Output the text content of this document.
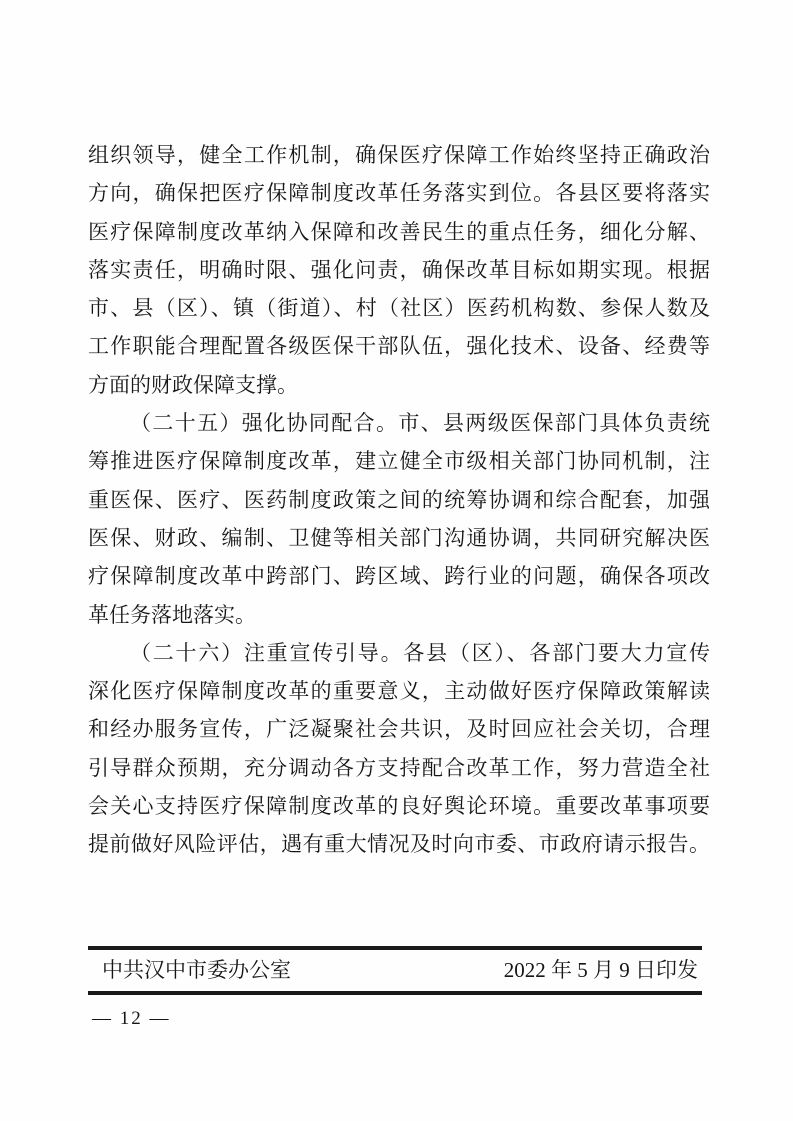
组织领导，健全工作机制，确保医疗保障工作始终坚持正确政治
方向，确保把医疗保障制度改革任务落实到位。各县区要将落实
医疗保障制度改革纳入保障和改善民生的重点任务，细化分解、
落实责任，明确时限、强化问责，确保改革目标如期实现。根据
市、县（区）、镇（街道）、村（社区）医药机构数、参保人数及
工作职能合理配置各级医保干部队伍，强化技术、设备、经费等
方面的财政保障支撑。
（二十五）强化协同配合。市、县两级医保部门具体负责统
筹推进医疗保障制度改革，建立健全市级相关部门协同机制，注
重医保、医疗、医药制度政策之间的统筹协调和综合配套，加强
医保、财政、编制、卫健等相关部门沟通协调，共同研究解决医
疗保障制度改革中跨部门、跨区域、跨行业的问题，确保各项改
革任务落地落实。
（二十六）注重宣传引导。各县（区）、各部门要大力宣传
深化医疗保障制度改革的重要意义，主动做好医疗保障政策解读
和经办服务宣传，广泛凝聚社会共识，及时回应社会关切，合理
引导群众预期，充分调动各方支持配合改革工作，努力营造全社
会关心支持医疗保障制度改革的良好舆论环境。重要改革事项要
提前做好风险评估，遇有重大情况及时向市委、市政府请示报告。
中共汉中市委办公室	2022 年 5 月 9 日印发
— 12 —
